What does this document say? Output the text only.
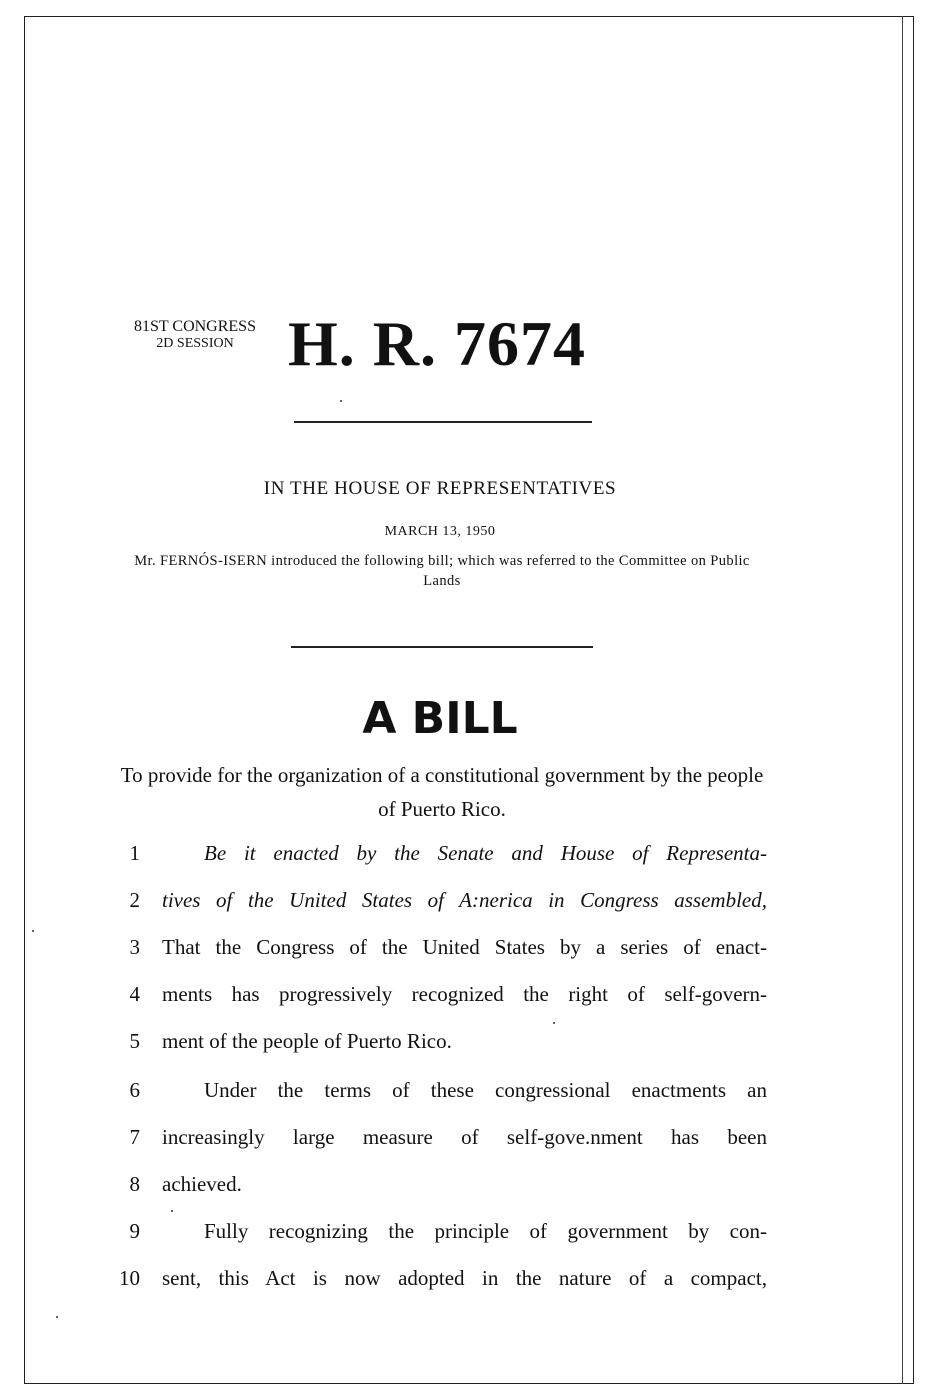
81ST CONGRESS
2D SESSION H. R. 7674
IN THE HOUSE OF REPRESENTATIVES
MARCH 13, 1950
Mr. FERNÓS-ISERN introduced the following bill; which was referred to the Committee on Public Lands
A BILL
To provide for the organization of a constitutional government by the people of Puerto Rico.
1	Be it enacted by the Senate and House of Representa-
2 tives of the United States of A:nerica in Congress assembled,
3 That the Congress of the United States by a series of enact-
4 ments has progressively recognized the right of self-govern-
5 ment of the people of Puerto Rico.
6	Under the terms of these congressional enactments an
7 increasingly large measure of self-gove.nment has been
8 achieved.
9	Fully recognizing the principle of government by con-
10 sent, this Act is now adopted in the nature of a compact,
